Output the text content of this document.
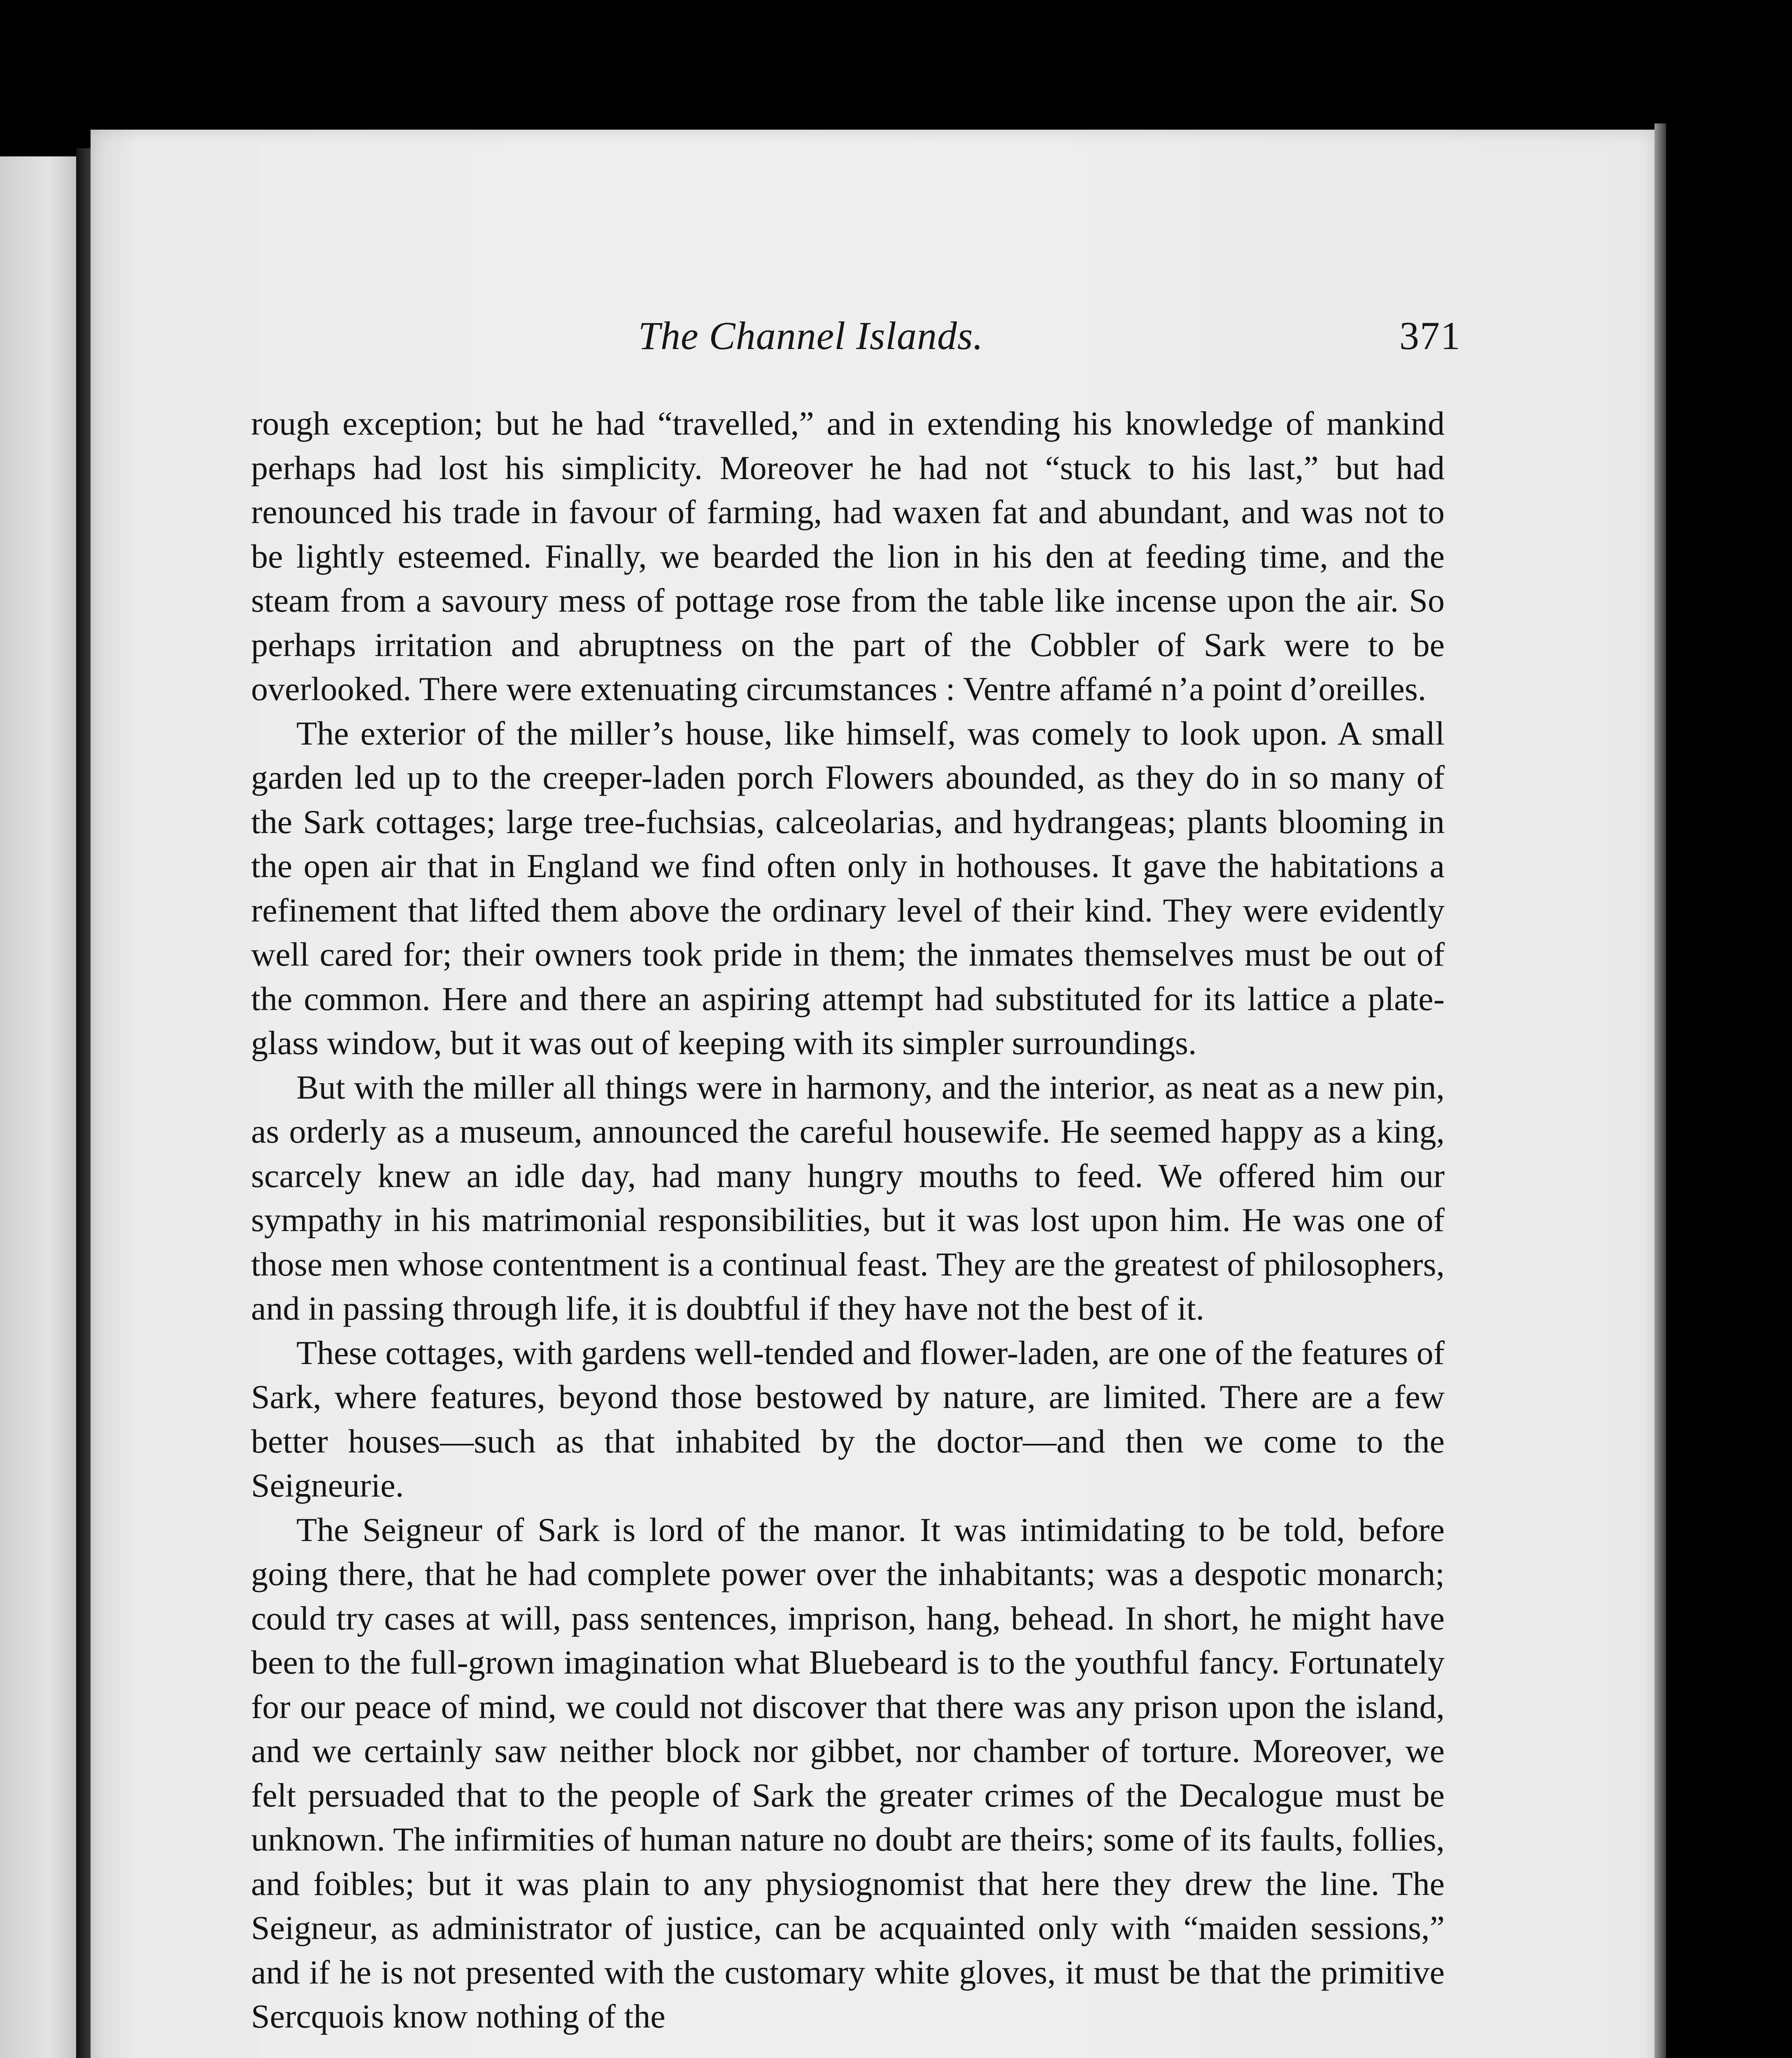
The Channel Islands.	371

rough exception; but he had “travelled,” and in extending his knowledge of mankind perhaps had lost his simplicity. Moreover he had not “stuck to his last,” but had renounced his trade in favour of farming, had waxen fat and abundant, and was not to be lightly esteemed. Finally, we bearded the lion in his den at feeding time, and the steam from a savoury mess of pottage rose from the table like incense upon the air. So perhaps irritation and abruptness on the part of the Cobbler of Sark were to be overlooked. There were extenuating circumstances : Ventre affamé n’a point d’oreilles.

The exterior of the miller’s house, like himself, was comely to look upon. A small garden led up to the creeper-laden porch Flowers abounded, as they do in so many of the Sark cottages; large tree-fuchsias, calceolarias, and hydrangeas; plants blooming in the open air that in England we find often only in hothouses. It gave the habitations a refinement that lifted them above the ordinary level of their kind. They were evidently well cared for; their owners took pride in them; the inmates themselves must be out of the common. Here and there an aspiring attempt had substituted for its lattice a plate-glass window, but it was out of keeping with its simpler surroundings.

But with the miller all things were in harmony, and the interior, as neat as a new pin, as orderly as a museum, announced the careful housewife. He seemed happy as a king, scarcely knew an idle day, had many hungry mouths to feed. We offered him our sympathy in his matrimonial responsibilities, but it was lost upon him. He was one of those men whose contentment is a continual feast. They are the greatest of philosophers, and in passing through life, it is doubtful if they have not the best of it.

These cottages, with gardens well-tended and flower-laden, are one of the features of Sark, where features, beyond those bestowed by nature, are limited. There are a few better houses—such as that inhabited by the doctor—and then we come to the Seigneurie.

The Seigneur of Sark is lord of the manor. It was intimidating to be told, before going there, that he had complete power over the inhabitants; was a despotic monarch; could try cases at will, pass sentences, imprison, hang, behead. In short, he might have been to the full-grown imagination what Bluebeard is to the youthful fancy. Fortunately for our peace of mind, we could not discover that there was any prison upon the island, and we certainly saw neither block nor gibbet, nor chamber of torture. Moreover, we felt persuaded that to the people of Sark the greater crimes of the Decalogue must be unknown. The infirmities of human nature no doubt are theirs; some of its faults, follies, and foibles; but it was plain to any physiognomist that here they drew the line. The Seigneur, as administrator of justice, can be acquainted only with “maiden sessions,” and if he is not presented with the customary white gloves, it must be that the primitive Sercquois know nothing of the
